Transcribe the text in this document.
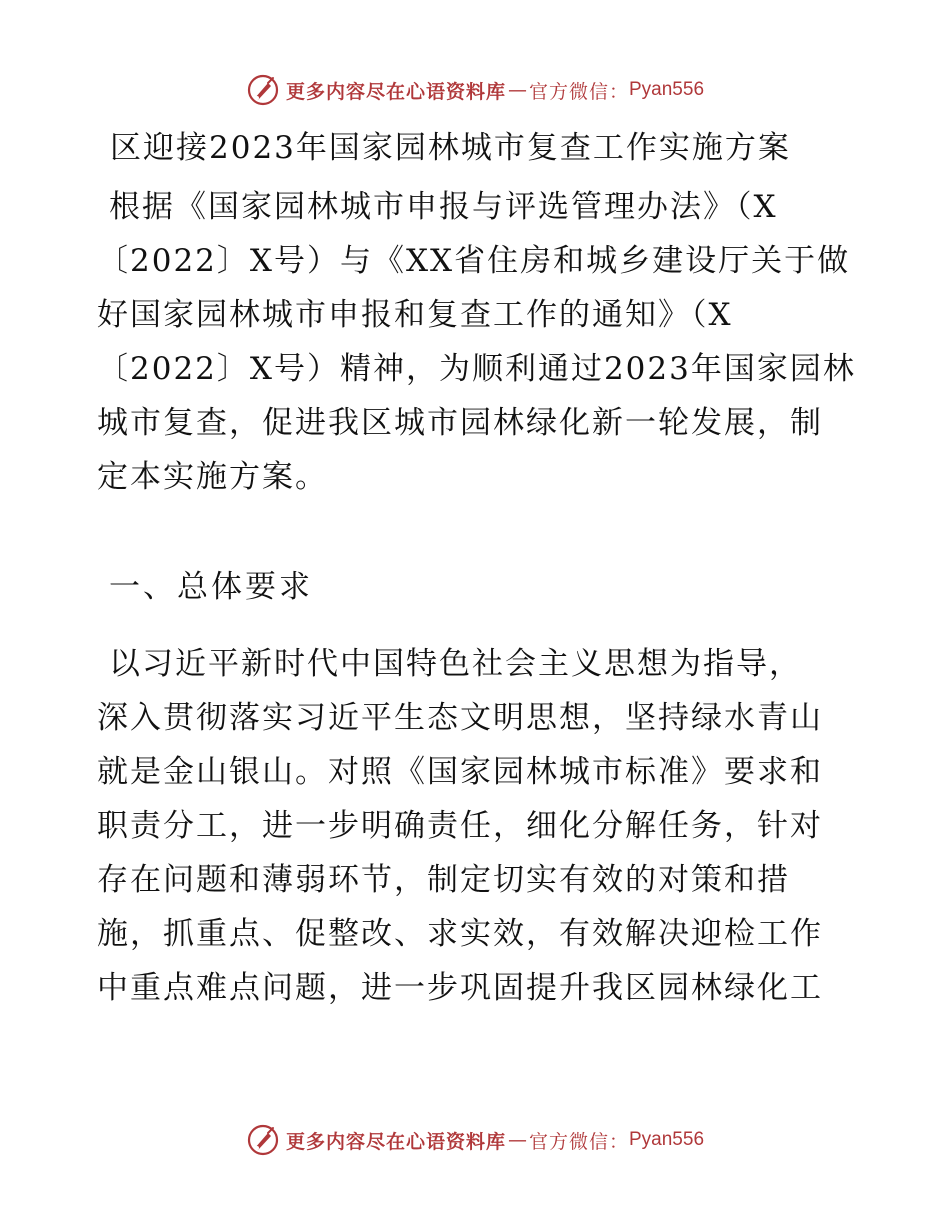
更多内容尽在心语资料库 — 官方微信： Pyan556
区迎接2023年国家园林城市复查工作实施方案
根据《国家园林城市申报与评选管理办法》（X
〔2022〕X号）与《XX省住房和城乡建设厅关于做
好国家园林城市申报和复查工作的通知》（X
〔2022〕X号）精神，为顺利通过2023年国家园林
城市复查，促进我区城市园林绿化新一轮发展，制
定本实施方案。
一、总体要求
以习近平新时代中国特色社会主义思想为指导，
深入贯彻落实习近平生态文明思想，坚持绿水青山
就是金山银山。对照《国家园林城市标准》要求和
职责分工，进一步明确责任，细化分解任务，针对
存在问题和薄弱环节，制定切实有效的对策和措
施，抓重点、促整改、求实效，有效解决迎检工作
中重点难点问题，进一步巩固提升我区园林绿化工
更多内容尽在心语资料库 — 官方微信： Pyan556
